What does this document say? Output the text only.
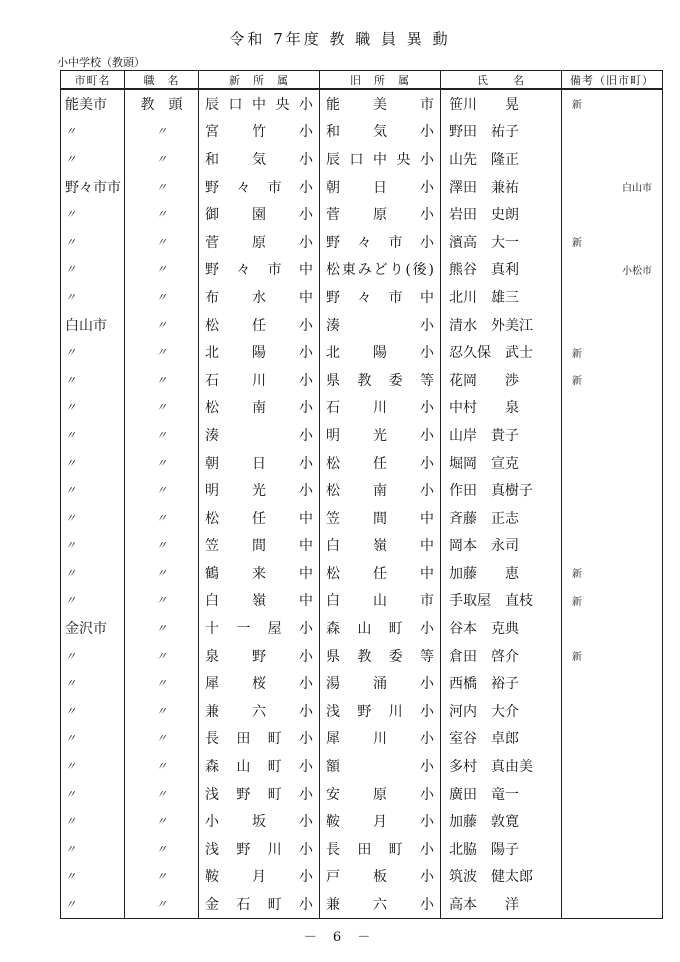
令和 7年度 教 職 員 異 動
小中学校（教頭）
市町名	職　名	新　所　属	旧　所　属	氏　　名	備考（旧市町）
能美市	教　頭	辰口中央小	能美市	笹川　　晃	新

〃	〃	宮竹小	和気小	野田　祐子	

〃	〃	和気小	辰口中央小	山先　隆正	

野々市市	〃	野々市小	朝日小	澤田　兼祐	白山市

〃	〃	御園小	菅原小	岩田　史朗	

〃	〃	菅原小	野々市小	濱高　大一	新

〃	〃	野々市中	松東みどり(後)	熊谷　真利	小松市

〃	〃	布水中	野々市中	北川　雄三	

白山市	〃	松任小	湊　小	清水　外美江	

〃	〃	北陽小	北陽小	忍久保　武士	新

〃	〃	石川小	県教委等	花岡　　渉	新

〃	〃	松南小	石川小	中村　　泉	

〃	〃	湊　小	明光小	山岸　貴子	

〃	〃	朝日小	松任小	堀岡　宣克	

〃	〃	明光小	松南小	作田　真樹子	

〃	〃	松任中	笠間中	斉藤　正志	

〃	〃	笠間中	白嶺中	岡本　永司	

〃	〃	鶴来中	松任中	加藤　　恵	新

〃	〃	白嶺中	白山市	手取屋　直枝	新

金沢市	〃	十一屋小	森山町小	谷本　克典	

〃	〃	泉野小	県教委等	倉田　啓介	新

〃	〃	犀桜小	湯涌小	西橋　裕子	

〃	〃	兼六小	浅野川小	河内　大介	

〃	〃	長田町小	犀川小	室谷　卓郎	

〃	〃	森山町小	額　小	多村　真由美	

〃	〃	浅野町小	安原小	廣田　竜一	

〃	〃	小坂小	鞍月小	加藤　敦寛	

〃	〃	浅野川小	長田町小	北脇　陽子	

〃	〃	鞍月小	戸板小	筑波　健太郎	

〃	〃	金石町小	兼六小	高本　　洋	
－ 6 －
